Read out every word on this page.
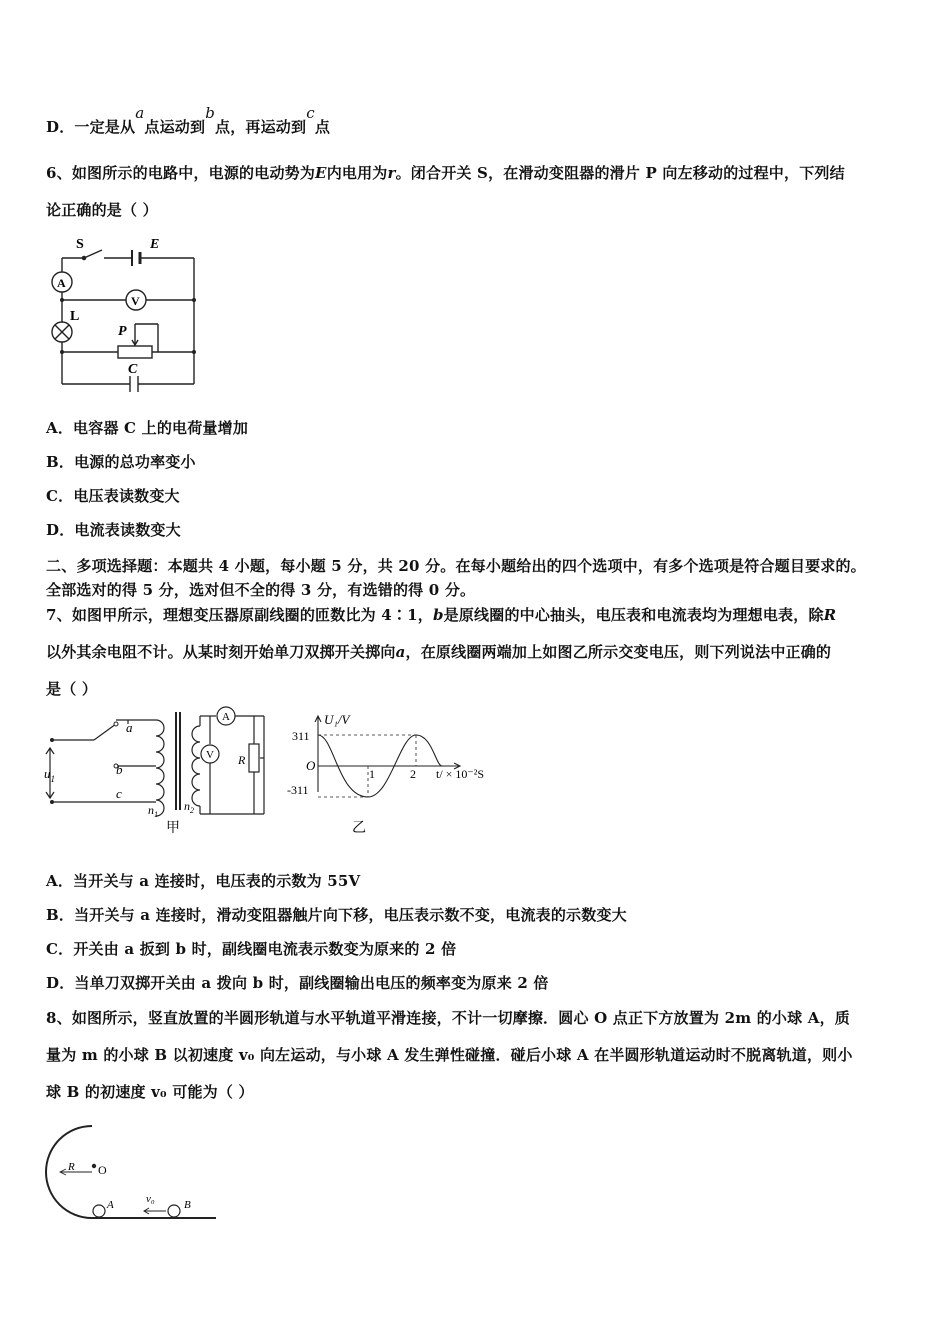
D．一定是从a点运动到b点，再运动到c点
6、如图所示的电路中，电源的电动势为E内电用为r。闭合开关 S，在滑动变阻器的滑片 P 向左移动的过程中，下列结
论正确的是（ ）
S	E
A
V
L
P
C
A．电容器 C 上的电荷量增加
B．电源的总功率变小
C．电压表读数变大
D．电流表读数变大
二、多项选择题：本题共 4 小题，每小题 5 分，共 20 分。在每小题给出的四个选项中，有多个选项是符合题目要求的。
全部选对的得 5 分，选对但不全的得 3 分，有选错的得 0 分。
7、如图甲所示，理想变压器原副线圈的匝数比为 4∶1，b是原线圈的中心抽头，电压表和电流表均为理想电表，除R
以外其余电阻不计。从某时刻开始单刀双掷开关掷向a，在原线圈两端加上如图乙所示交变电压，则下列说法中正确的
是（ ）
a
b
c
$u_1$
$n_1$
$n_2$
A
V R
甲
U₁/V
311
-311
O
1	2 t/ × 10⁻²S
乙
A．当开关与 a 连接时，电压表的示数为 55V
B．当开关与 a 连接时，滑动变阻器触片向下移，电压表示数不变，电流表的示数变大
C．开关由 a 扳到 b 时，副线圈电流表示数变为原来的 2 倍
D．当单刀双掷开关由 a 拨向 b 时，副线圈输出电压的频率变为原来 2 倍
8、如图所示，竖直放置的半圆形轨道与水平轨道平滑连接，不计一切摩擦．圆心 O 点正下方放置为 2m 的小球 A，质
量为 m 的小球 B 以初速度 v₀ 向左运动，与小球 A 发生弹性碰撞．碰后小球 A 在半圆形轨道运动时不脱离轨道，则小
球 B 的初速度 v₀ 可能为（ ）
R O
A	B
v₀
